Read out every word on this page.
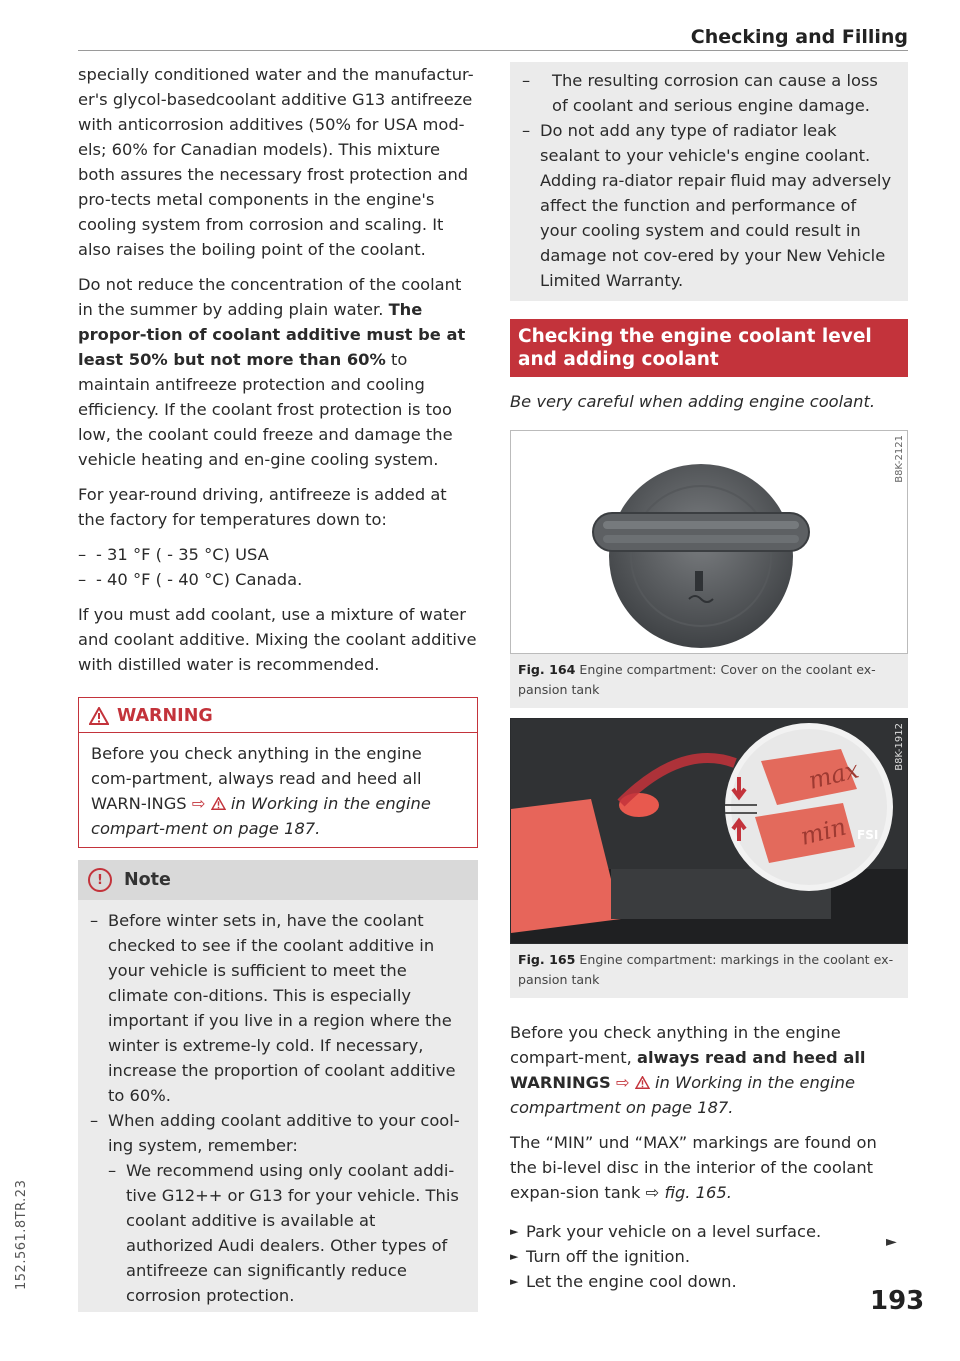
Checking and Filling
152.561.8TR.23

specially conditioned water and the manufactur-er's glycol-basedcoolant additive G13 antifreeze with anticorrosion additives (50% for USA mod-els; 60% for Canadian models). This mixture both assures the necessary frost protection and pro-tects metal components in the engine's cooling system from corrosion and scaling. It also raises the boiling point of the coolant.

Do not reduce the concentration of the coolant in the summer by adding plain water. The propor-tion of coolant additive must be at least 50% but not more than 60% to maintain antifreeze protection and cooling efficiency. If the coolant frost protection is too low, the coolant could freeze and damage the vehicle heating and en-gine cooling system.

For year-round driving, antifreeze is added at the factory for temperatures down to:

– - 31 °F ( - 35 °C) USA
– - 40 °F ( - 40 °C) Canada.

If you must add coolant, use a mixture of water and coolant additive. Mixing the coolant additive with distilled water is recommended.

WARNING

Before you check anything in the engine com-partment, always read and heed all WARN-INGS ⇨ in Working in the engine compart-ment on page 187.

!	Note
– Before winter sets in, have the coolant checked to see if the coolant additive in your vehicle is sufficient to meet the climate con-ditions. This is especially important if you live in a region where the winter is extreme-ly cold. If necessary, increase the proportion of coolant additive to 60%.
– When adding coolant additive to your cool-ing system, remember:
– We recommend using only coolant addi-tive G12++ or G13 for your vehicle. This coolant additive is available at authorized Audi dealers. Other types of antifreeze can significantly reduce corrosion protection.
– The resulting corrosion can cause a loss of coolant and serious engine damage.
– Do not add any type of radiator leak sealant to your vehicle's engine coolant. Adding ra-diator repair fluid may adversely affect the function and performance of your cooling system and could result in damage not cov-ered by your New Vehicle Limited Warranty.
Checking the engine coolant level and adding coolant

Be very careful when adding engine coolant.

B8K-2121
Fig. 164 Engine compartment: Cover on the coolant ex-pansion tank
B8K-1912
max
min FSI
Fig. 165 Engine compartment: markings in the coolant ex-pansion tank

Before you check anything in the engine compart-ment, always read and heed all WARNINGS ⇨ in Working in the engine compartment on page 187.

The “MIN” und “MAX” markings are found on the bi-level disc in the interior of the coolant expan-sion tank ⇨ fig. 165.

► Park your vehicle on a level surface.
► Turn off the ignition.
► Let the engine cool down.
►
193
